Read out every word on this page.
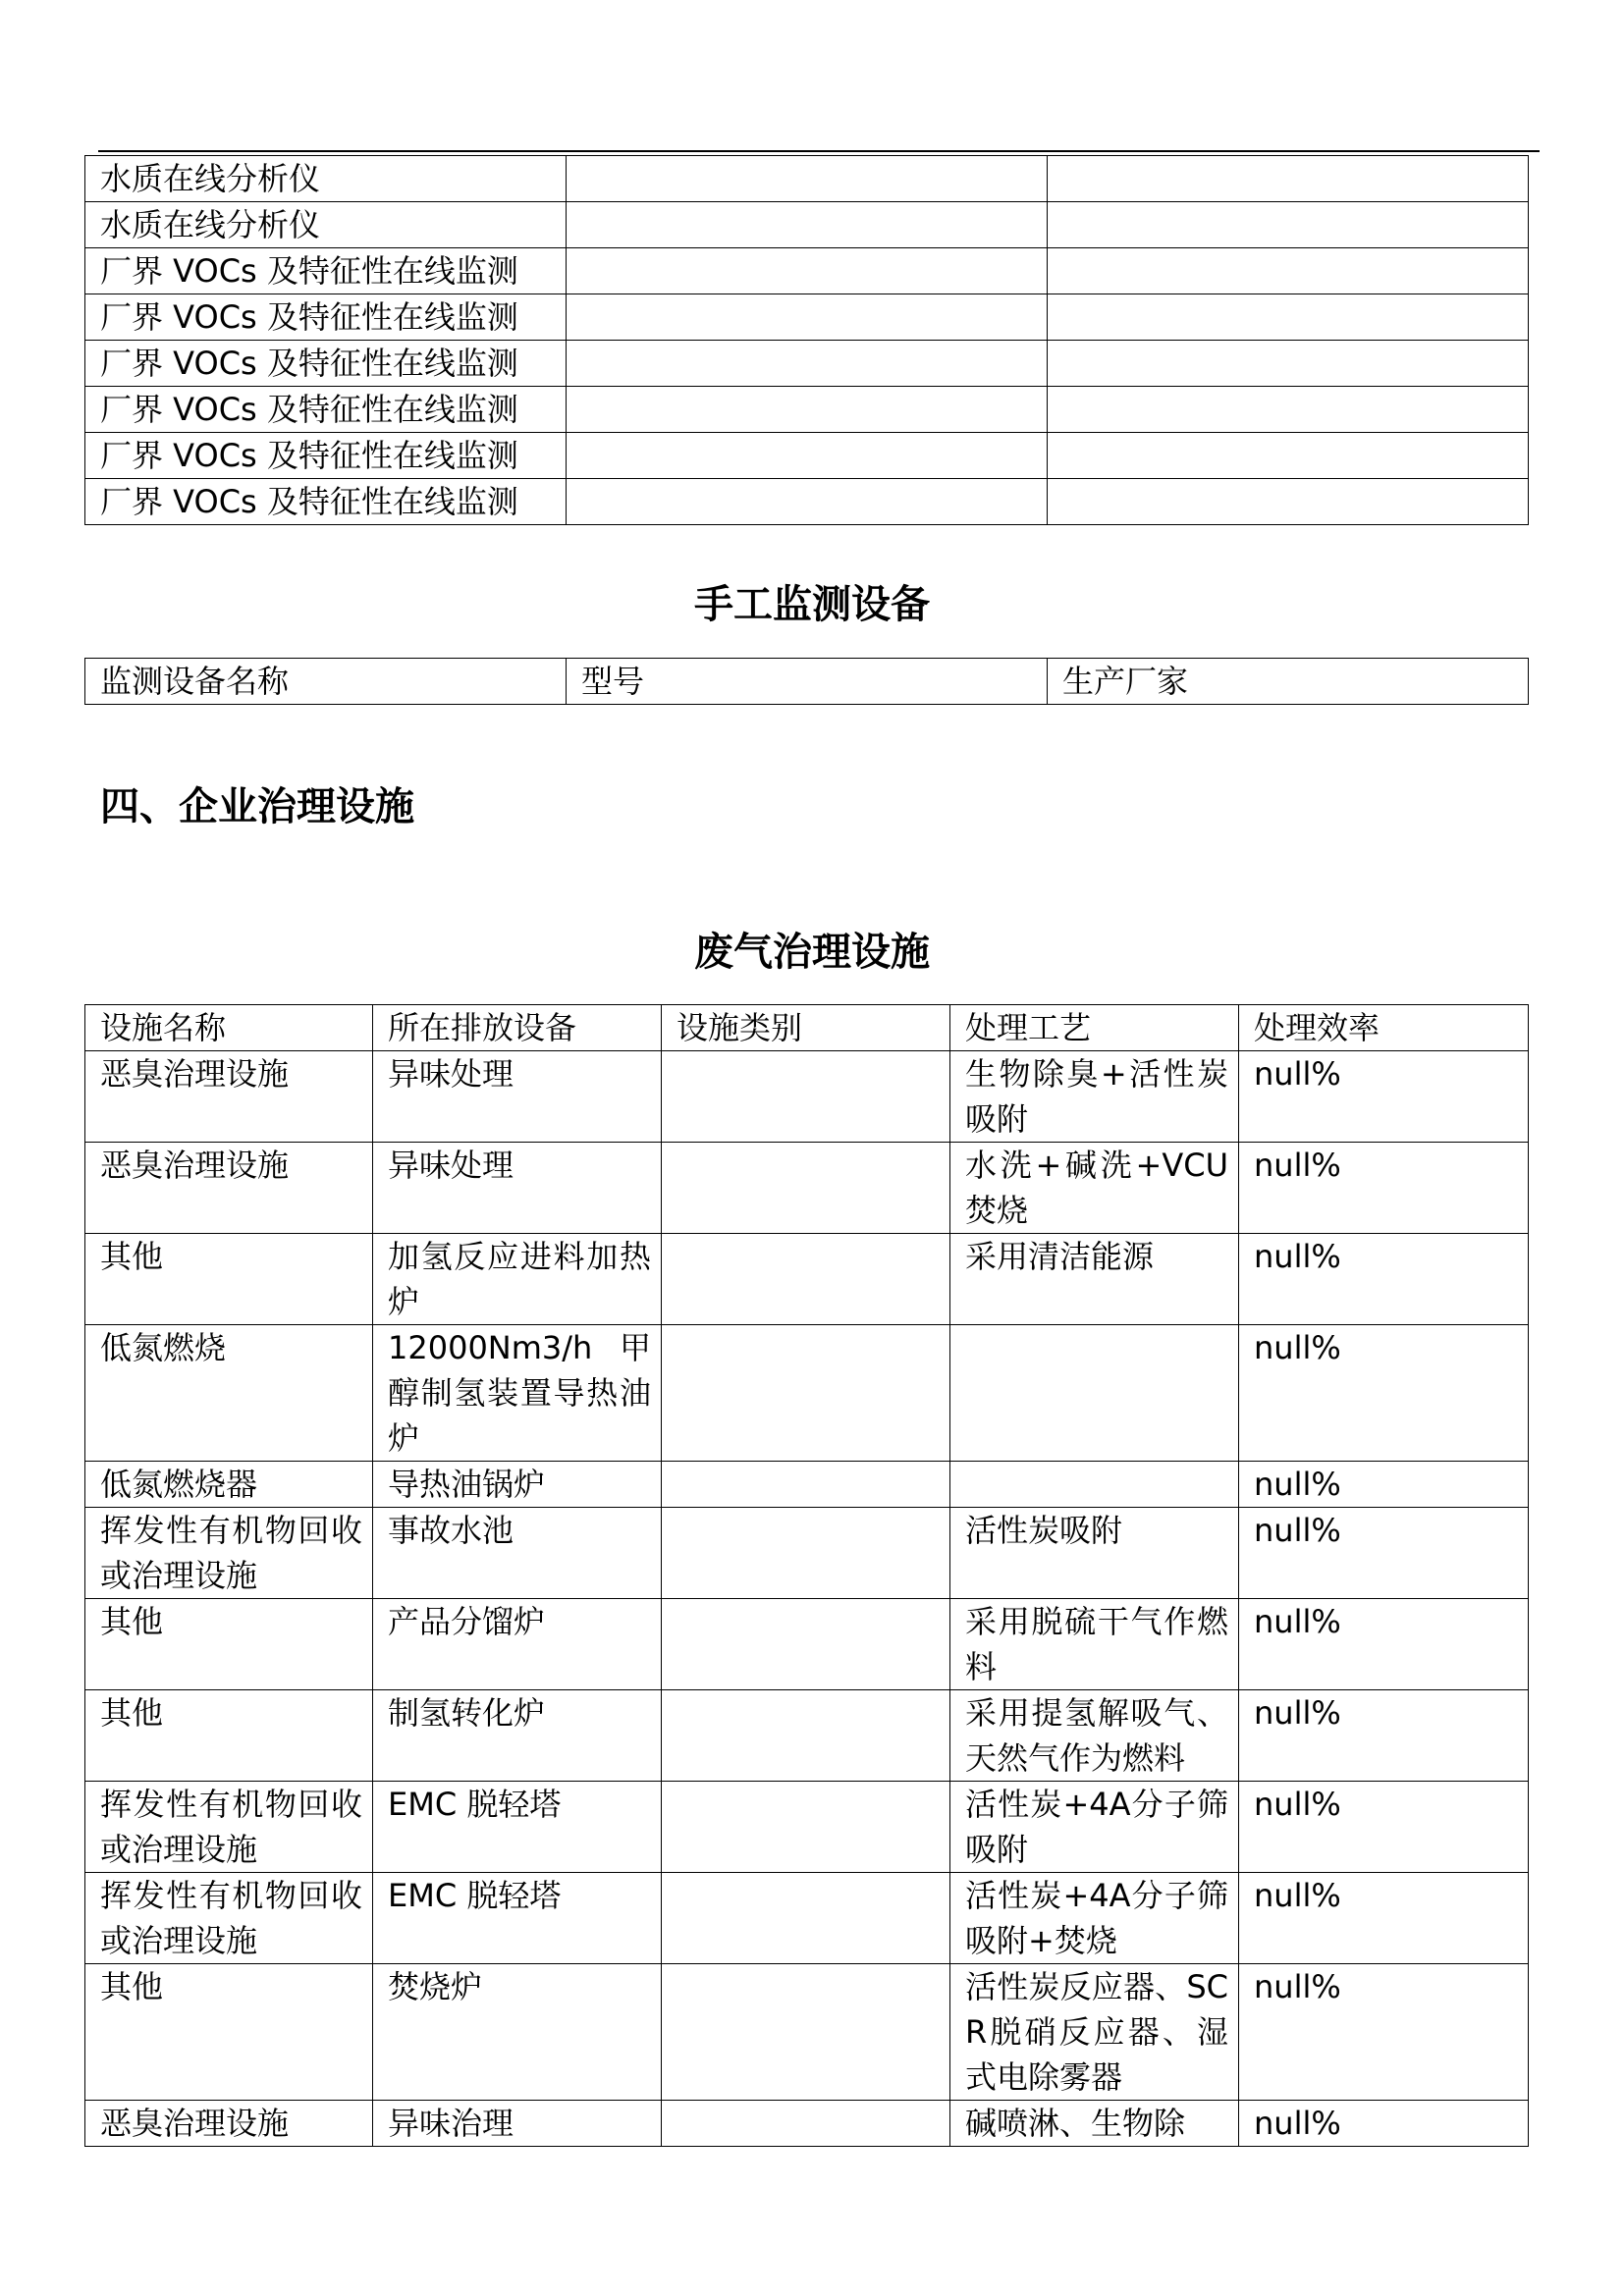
水质在线分析仪		
水质在线分析仪		
厂界 VOCs 及特征性在线监测		
厂界 VOCs 及特征性在线监测		
厂界 VOCs 及特征性在线监测		
厂界 VOCs 及特征性在线监测		
厂界 VOCs 及特征性在线监测		
厂界 VOCs 及特征性在线监测		
手工监测设备
监测设备名称	型号	生产厂家
四、企业治理设施
废气治理设施
设施名称	所在排放设备	设施类别	处理工艺	处理效率
恶臭治理设施	异味处理		生物除臭+活性炭吸附	null%
恶臭治理设施	异味处理		水洗+碱洗+VCU焚烧	null%
其他	加氢反应进料加热炉		采用清洁能源	null%
低氮燃烧	12000Nm3/h甲醇制氢装置导热油炉			null%
低氮燃烧器	导热油锅炉			null%
挥发性有机物回收或治理设施	事故水池		活性炭吸附	null%
其他	产品分馏炉		采用脱硫干气作燃料	null%
其他	制氢转化炉		采用提氢解吸气、天然气作为燃料	null%
挥发性有机物回收或治理设施	EMC 脱轻塔		活性炭+4A分子筛吸附	null%
挥发性有机物回收或治理设施	EMC 脱轻塔		活性炭+4A分子筛吸附+焚烧	null%
其他	焚烧炉		活性炭反应器、SCR脱硝反应器、湿式电除雾器	null%
恶臭治理设施	异味治理		碱喷淋、生物除	null%
